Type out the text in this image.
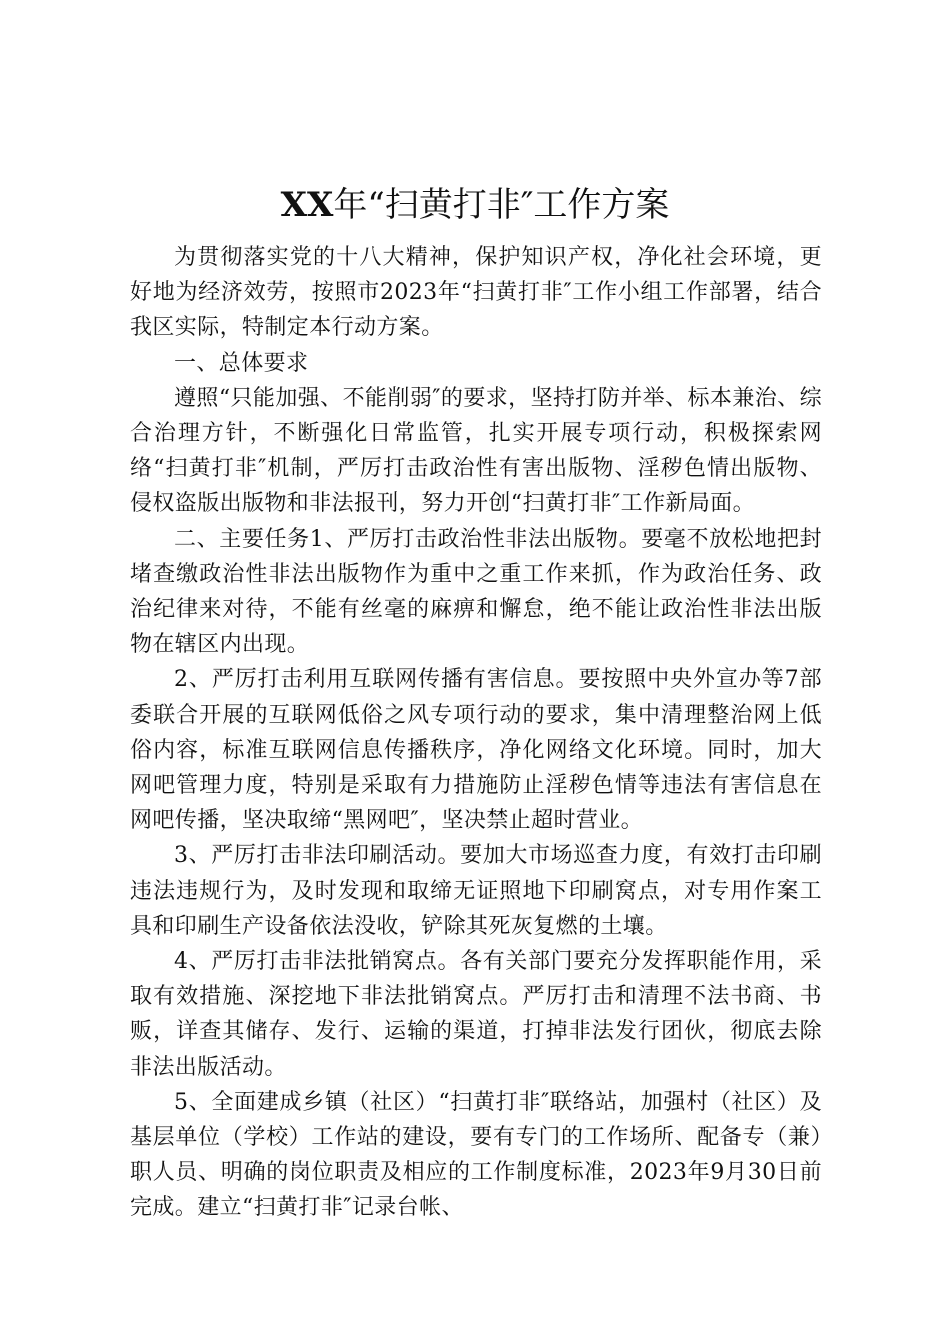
XX年“扫黄打非″工作方案

为贯彻落实党的十八大精神，保护知识产权，净化社会环境，更好地为经济效劳，按照市2023年“扫黄打非″工作小组工作部署，结合我区实际，特制定本行动方案。

一、总体要求

遵照“只能加强、不能削弱″的要求，坚持打防并举、标本兼治、综合治理方针，不断强化日常监管，扎实开展专项行动，积极探索网络“扫黄打非″机制，严厉打击政治性有害出版物、淫秽色情出版物、侵权盗版出版物和非法报刊，努力开创“扫黄打非″工作新局面。

二、主要任务1、严厉打击政治性非法出版物。要毫不放松地把封堵查缴政治性非法出版物作为重中之重工作来抓，作为政治任务、政治纪律来对待，不能有丝毫的麻痹和懈怠，绝不能让政治性非法出版物在辖区内出现。

2、严厉打击利用互联网传播有害信息。要按照中央外宣办等7部委联合开展的互联网低俗之风专项行动的要求，集中清理整治网上低俗内容，标准互联网信息传播秩序，净化网络文化环境。同时，加大网吧管理力度，特别是采取有力措施防止淫秽色情等违法有害信息在网吧传播，坚决取缔“黑网吧″，坚决禁止超时营业。

3、严厉打击非法印刷活动。要加大市场巡查力度，有效打击印刷违法违规行为，及时发现和取缔无证照地下印刷窝点，对专用作案工具和印刷生产设备依法没收，铲除其死灰复燃的土壤。

4、严厉打击非法批销窝点。各有关部门要充分发挥职能作用，采取有效措施、深挖地下非法批销窝点。严厉打击和清理不法书商、书贩，详查其储存、发行、运输的渠道，打掉非法发行团伙，彻底去除非法出版活动。

5、全面建成乡镇（社区）“扫黄打非″联络站，加强村（社区）及基层单位（学校）工作站的建设，要有专门的工作场所、配备专（兼）职人员、明确的岗位职责及相应的工作制度标准，2023年9月30日前完成。建立“扫黄打非″记录台帐、
